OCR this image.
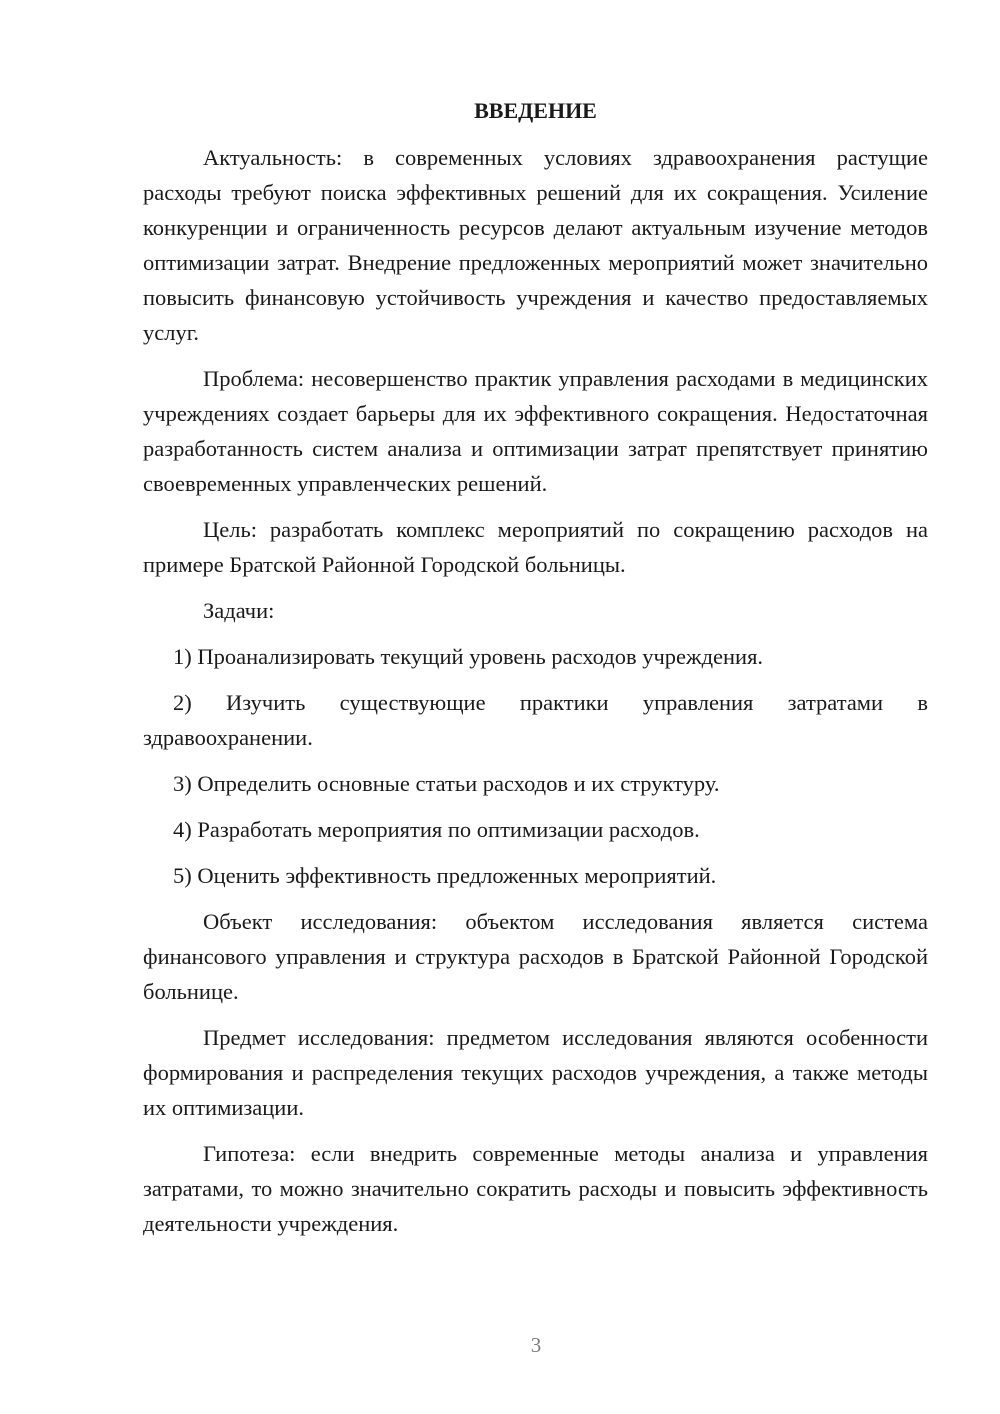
ВВЕДЕНИЕ

Актуальность: в современных условиях здравоохранения растущие расходы требуют поиска эффективных решений для их сокращения. Усиление конкуренции и ограниченность ресурсов делают актуальным изучение методов оптимизации затрат. Внедрение предложенных мероприятий может значительно повысить финансовую устойчивость учреждения и качество предоставляемых услуг.

Проблема: несовершенство практик управления расходами в медицинских учреждениях создает барьеры для их эффективного сокращения. Недостаточная разработанность систем анализа и оптимизации затрат препятствует принятию своевременных управленческих решений.

Цель: разработать комплекс мероприятий по сокращению расходов на примере Братской Районной Городской больницы.

Задачи:

1) Проанализировать текущий уровень расходов учреждения.

2) Изучить существующие практики управления затратами в здравоохранении.

3) Определить основные статьи расходов и их структуру.

4) Разработать мероприятия по оптимизации расходов.

5) Оценить эффективность предложенных мероприятий.

Объект исследования: объектом исследования является система финансового управления и структура расходов в Братской Районной Городской больнице.

Предмет исследования: предметом исследования являются особенности формирования и распределения текущих расходов учреждения, а также методы их оптимизации.

Гипотеза: если внедрить современные методы анализа и управления затратами, то можно значительно сократить расходы и повысить эффективность деятельности учреждения.

3
